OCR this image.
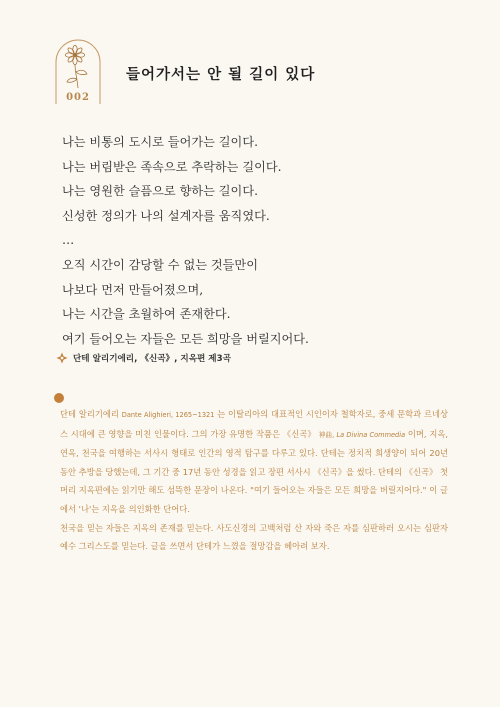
002
들어가서는 안 될 길이 있다
나는 비통의 도시로 들어가는 길이다.
나는 버림받은 족속으로 추락하는 길이다.
나는 영원한 슬픔으로 향하는 길이다.
신성한 정의가 나의 설계자를 움직였다.
…
오직 시간이 감당할 수 없는 것들만이
나보다 먼저 만들어졌으며,
나는 시간을 초월하여 존재한다.
여기 들어오는 자들은 모든 희망을 버릴지어다.
단테 알리기에리, 《신곡》, 지옥편 제3곡

단테 알리기에리 Dante Alighieri, 1265~1321 는 이탈리아의 대표적인 시인이자 철학자로, 중세 문학과 르네상스 시대에 큰 영향을 미친 인물이다. 그의 가장 유명한 작품은 《신곡》 神曲, La Divina Commedia 이며, 지옥, 연옥, 천국을 여행하는 서사시 형태로 인간의 영적 탐구를 다루고 있다. 단테는 정치적 희생양이 되어 20년 동안 추방을 당했는데, 그 기간 중 17년 동안 성경을 읽고 장편 서사시 《신곡》을 썼다. 단테의 《신곡》 첫머리 지옥편에는 읽기만 해도 섬뜩한 문장이 나온다. "여기 들어오는 자들은 모든 희망을 버릴지어다." 이 글에서 '나'는 지옥을 의인화한 단어다.

천국을 믿는 자들은 지옥의 존재를 믿는다. 사도신경의 고백처럼 산 자와 죽은 자를 심판하러 오시는 심판자 예수 그리스도를 믿는다. 글을 쓰면서 단테가 느꼈을 절망감을 헤아려 보자.
